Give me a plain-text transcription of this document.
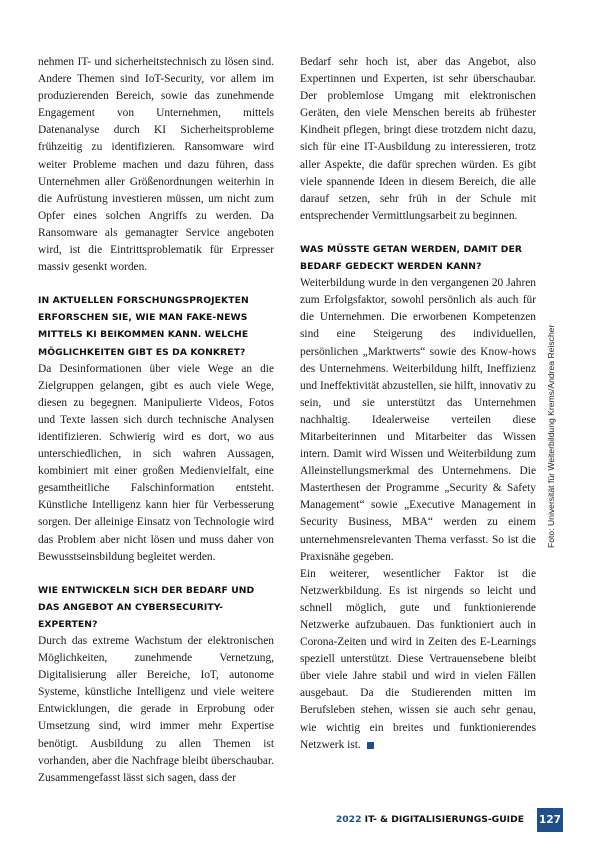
nehmen IT- und sicherheitstechnisch zu lösen sind. Andere Themen sind IoT-Security, vor allem im produzierenden Bereich, sowie das zunehmende Engagement von Unternehmen, mittels Datenanalyse durch KI Sicherheitsprobleme frühzeitig zu identifizieren. Ransomware wird weiter Probleme machen und dazu führen, dass Unternehmen aller Größenordnungen weiterhin in die Aufrüstung investieren müssen, um nicht zum Opfer eines solchen Angriffs zu werden. Da Ransomware als gemanagter Service angeboten wird, ist die Eintrittsproblematik für Erpresser massiv gesenkt worden.

IN AKTUELLEN FORSCHUNGSPROJEKTEN ERFORSCHEN SIE, WIE MAN FAKE-NEWS MITTELS KI BEIKOMMEN KANN. WELCHE MÖGLICHKEITEN GIBT ES DA KONKRET?

Da Desinformationen über viele Wege an die Zielgruppen gelangen, gibt es auch viele Wege, diesen zu begegnen. Manipulierte Videos, Fotos und Texte lassen sich durch technische Analysen identifizieren. Schwierig wird es dort, wo aus unterschiedlichen, in sich wahren Aussagen, kombiniert mit einer großen Medienvielfalt, eine gesamtheitliche Falschinformation entsteht. Künstliche Intelligenz kann hier für Verbesserung sorgen. Der alleinige Einsatz von Technologie wird das Problem aber nicht lösen und muss daher von Bewusstseinsbildung begleitet werden.

WIE ENTWICKELN SICH DER BEDARF UND DAS ANGEBOT AN CYBERSECURITY-EXPERTEN?

Durch das extreme Wachstum der elektronischen Möglichkeiten, zunehmende Vernetzung, Digitalisierung aller Bereiche, IoT, autonome Systeme, künstliche Intelligenz und viele weitere Entwicklungen, die gerade in Erprobung oder Umsetzung sind, wird immer mehr Expertise benötigt. Ausbildung zu allen Themen ist vorhanden, aber die Nachfrage bleibt überschaubar. Zusammengefasst lässt sich sagen, dass der

Bedarf sehr hoch ist, aber das Angebot, also Expertinnen und Experten, ist sehr überschaubar. Der problemlose Umgang mit elektronischen Geräten, den viele Menschen bereits ab frühester Kindheit pflegen, bringt diese trotzdem nicht dazu, sich für eine IT-Ausbildung zu interessieren, trotz aller Aspekte, die dafür sprechen würden. Es gibt viele spannende Ideen in diesem Bereich, die alle darauf setzen, sehr früh in der Schule mit entsprechender Vermittlungsarbeit zu beginnen.

WAS MÜSSTE GETAN WERDEN, DAMIT DER BEDARF GEDECKT WERDEN KANN?

Weiterbildung wurde in den vergangenen 20 Jahren zum Erfolgsfaktor, sowohl persönlich als auch für die Unternehmen. Die erworbenen Kompetenzen sind eine Steigerung des individuellen, persönlichen „Marktwerts“ sowie des Know-hows des Unternehmens. Weiterbildung hilft, Ineffizienz und Ineffektivität abzustellen, sie hilft, innovativ zu sein, und sie unterstützt das Unternehmen nachhaltig. Idealerweise verteilen diese Mitarbeiterinnen und Mitarbeiter das Wissen intern. Damit wird Wissen und Weiterbildung zum Alleinstellungsmerkmal des Unternehmens. Die Masterthesen der Programme „Security & Safety Management“ sowie „Executive Management in Security Business, MBA“ werden zu einem unternehmensrelevanten Thema verfasst. So ist die Praxisnähe gegeben.

Ein weiterer, wesentlicher Faktor ist die Netzwerkbildung. Es ist nirgends so leicht und schnell möglich, gute und funktionierende Netzwerke aufzubauen. Das funktioniert auch in Corona-Zeiten und wird in Zeiten des E-Learnings speziell unterstützt. Diese Vertrauensebene bleibt über viele Jahre stabil und wird in vielen Fällen ausgebaut. Da die Studierenden mitten im Berufsleben stehen, wissen sie auch sehr genau, wie wichtig ein breites und funktionierendes Netzwerk ist.

Foto: Universität für Weiterbildung Krems/Andrea Reischer
2022 IT- & DIGITALISIERUNGS-GUIDE 127
